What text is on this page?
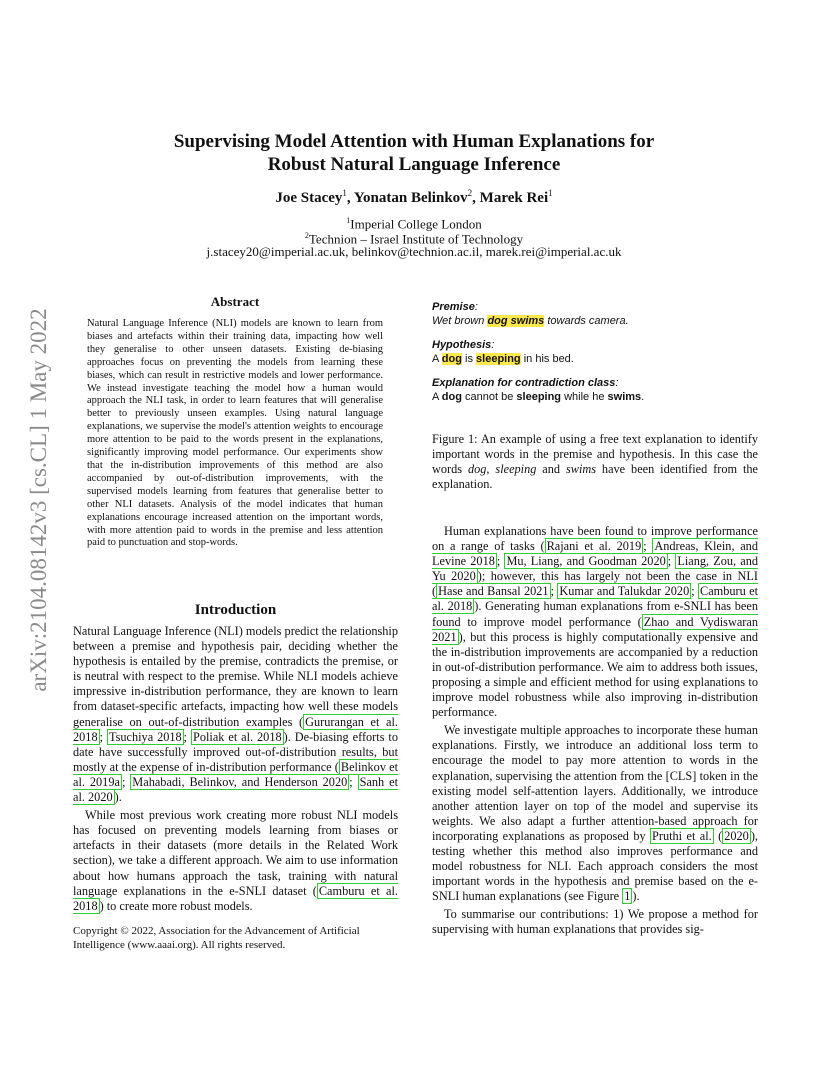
arXiv:2104.08142v3 [cs.CL] 1 May 2022
Supervising Model Attention with Human Explanations for
Robust Natural Language Inference
Joe Stacey$^1$, Yonatan Belinkov$^2$, Marek Rei$^1$
$^1$Imperial College London
$^2$Technion – Israel Institute of Technology
j.stacey20@imperial.ac.uk, belinkov@technion.ac.il, marek.rei@imperial.ac.uk
Abstract
Natural Language Inference (NLI) models are known to learn from biases and artefacts within their training data, impacting how well they generalise to other unseen datasets. Existing de-biasing approaches focus on preventing the models from learning these biases, which can result in restrictive models and lower performance. We instead investigate teaching the model how a human would approach the NLI task, in order to learn features that will generalise better to previously unseen examples. Using natural language explanations, we supervise the model's attention weights to encourage more attention to be paid to the words present in the explanations, significantly improving model performance. Our experiments show that the in-distribution improvements of this method are also accompanied by out-of-distribution improvements, with the supervised models learning from features that generalise better to other NLI datasets. Analysis of the model indicates that human explanations encourage increased attention on the important words, with more attention paid to words in the premise and less attention paid to punctuation and stop-words.
Introduction

Natural Language Inference (NLI) models predict the relationship between a premise and hypothesis pair, deciding whether the hypothesis is entailed by the premise, contradicts the premise, or is neutral with respect to the premise. While NLI models achieve impressive in-distribution performance, they are known to learn from dataset-specific artefacts, impacting how well these models generalise on out-of-distribution examples ( Gururangan et al. 2018 ; Tsuchiya 2018 ; Poliak et al. 2018 ). De-biasing efforts to date have successfully improved out-of-distribution results, but mostly at the expense of in-distribution performance ( Belinkov et al. 2019a ; Mahabadi, Belinkov, and Henderson 2020 ; Sanh et al. 2020 ).

While most previous work creating more robust NLI models has focused on preventing models learning from biases or artefacts in their datasets (more details in the Related Work section), we take a different approach. We aim to use information about how humans approach the task, training with natural language explanations in the e-SNLI dataset ( Camburu et al. 2018 ) to create more robust models.

Copyright © 2022, Association for the Advancement of Artificial Intelligence (www.aaai.org). All rights reserved.
Premise:
Wet brown dog swims towards camera.
Hypothesis:
A dog is sleeping in his bed.
Explanation for contradiction class:
A dog cannot be sleeping while he swims.
Figure 1: An example of using a free text explanation to identify important words in the premise and hypothesis. In this case the words dog, sleeping and swims have been identified from the explanation.

Human explanations have been found to improve performance on a range of tasks ( Rajani et al. 2019 ; Andreas, Klein, and Levine 2018 ; Mu, Liang, and Goodman 2020 ; Liang, Zou, and Yu 2020 ); however, this has largely not been the case in NLI ( Hase and Bansal 2021 ; Kumar and Talukdar 2020 ; Camburu et al. 2018 ). Generating human explanations from e-SNLI has been found to improve model performance ( Zhao and Vydiswaran 2021 ), but this process is highly computationally expensive and the in-distribution improvements are accompanied by a reduction in out-of-distribution performance. We aim to address both issues, proposing a simple and efficient method for using explanations to improve model robustness while also improving in-distribution performance.

We investigate multiple approaches to incorporate these human explanations. Firstly, we introduce an additional loss term to encourage the model to pay more attention to words in the explanation, supervising the attention from the [CLS] token in the existing model self-attention layers. Additionally, we introduce another attention layer on top of the model and supervise its weights. We also adapt a further attention-based approach for incorporating explanations as proposed by Pruthi et al. ( 2020 ), testing whether this method also improves performance and model robustness for NLI. Each approach considers the most important words in the hypothesis and premise based on the e-SNLI human explanations (see Figure 1 ).

To summarise our contributions: 1) We propose a method for supervising with human explanations that provides sig-
